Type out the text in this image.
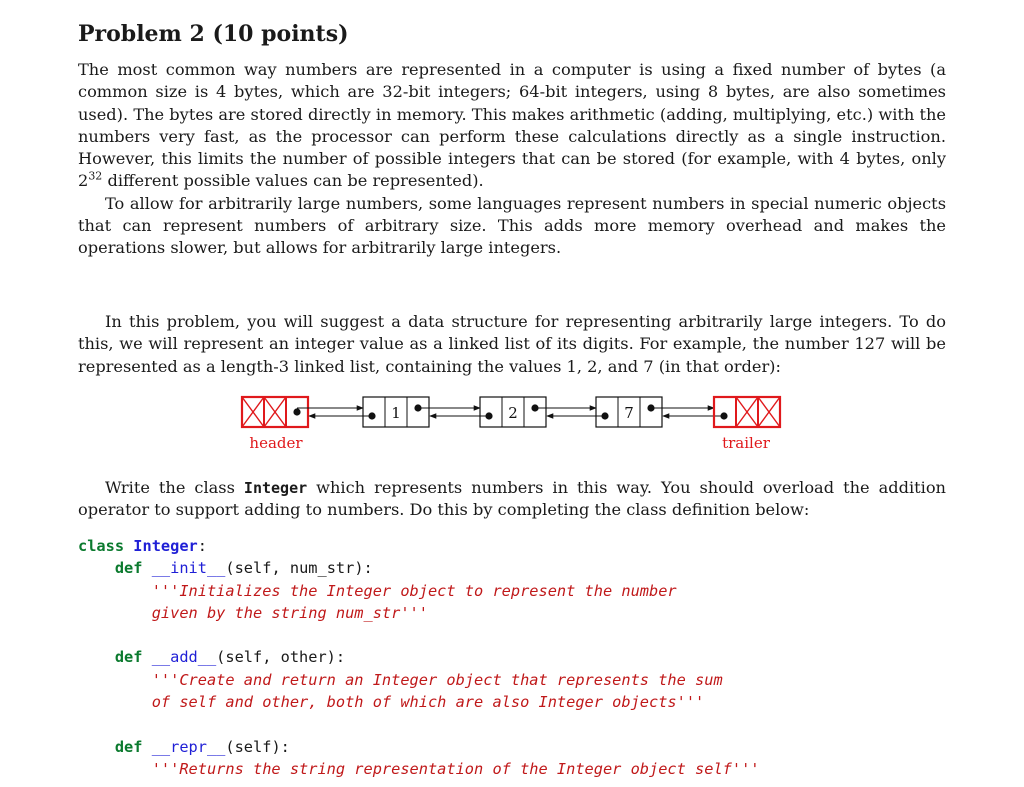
Problem 2 (10 points)

The most common way numbers are represented in a computer is using a fixed number of bytes (a common size is 4 bytes, which are 32-bit integers; 64-bit integers, using 8 bytes, are also sometimes used). The bytes are stored directly in memory. This makes arithmetic (adding, multiplying, etc.) with the numbers very fast, as the processor can perform these calculations directly as a single instruction. However, this limits the number of possible integers that can be stored (for example, with 4 bytes, only $2^{32}$ different possible values can be represented).

To allow for arbitrarily large numbers, some languages represent numbers in special numeric objects that can represent numbers of arbitrary size. This adds more memory overhead and makes the operations slower, but allows for arbitrarily large integers.

In this problem, you will suggest a data structure for representing arbitrarily large integers. To do this, we will represent an integer value as a linked list of its digits. For example, the number 127 will be represented as a length-3 linked list, containing the values 1, 2, and 7 (in that order):

1	2	7
header	trailer

Write the class Integer which represents numbers in this way. You should overload the addition operator to support adding to numbers. Do this by completing the class definition below:

class Integer:
def __init__(self, num_str):
'''Initializes the Integer object to represent the number
given by the string num_str'''
def __add__(self, other):
'''Create and return an Integer object that represents the sum
of self and other, both of which are also Integer objects'''
def __repr__(self):
'''Returns the string representation of the Integer object self'''
